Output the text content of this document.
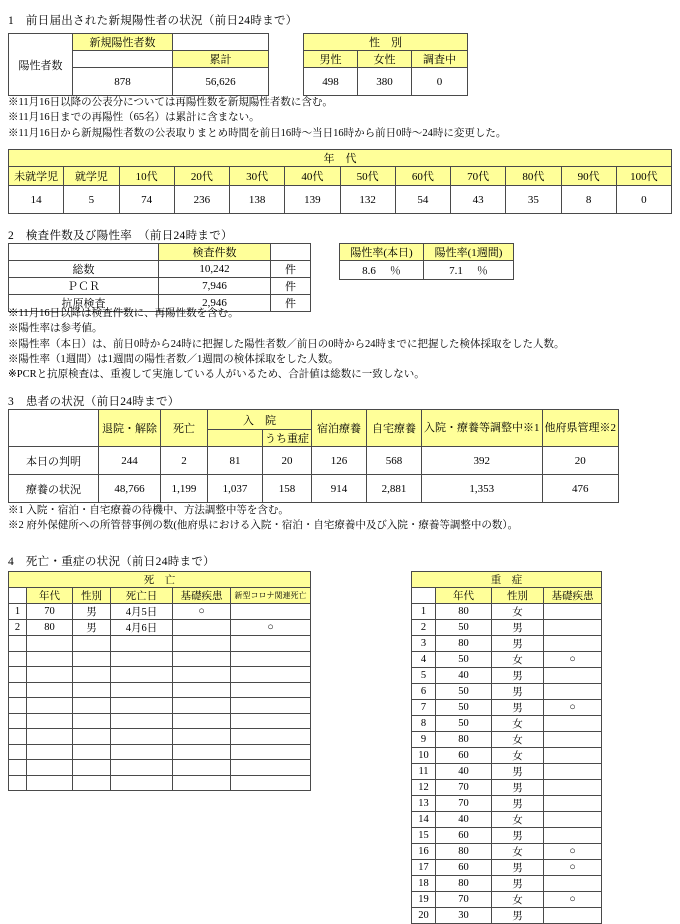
1　前日届出された新規陽性者の状況（前日24時まで）
陽性者数	新規陽性者数	
		累計
	878	56,626
性　別		
男性	女性	調査中
498	380	0
※11月16日以降の公表分については再陽性数を新規陽性者数に含む。
※11月16日までの再陽性（65名）は累計に含まない。
※11月16日から新規陽性者数の公表取りまとめ時間を前日16時～当日16時から前日0時～24時に変更した。
年　代											
未就学児	就学児	10代	20代	30代	40代	50代	60代	70代	80代	90代	100代
14	5	74	236	138	139	132	54	43	35	8	0
2　検査件数及び陽性率　（前日24時まで）
	検査件数	
総数	10,242	件
ＰＣＲ	7,946	件
抗原検査	2,946	件
陽性率(本日)	陽性率(1週間)
8.6 ％	7.1 ％
※11月16日以降は検査件数に、再陽性数を含む。
※陽性率は参考値。
※陽性率（本日）は、前日0時から24時に把握した陽性者数／前日の0時から24時までに把握した検体採取をした人数。
※陽性率（1週間）は1週間の陽性者数／1週間の検体採取をした人数。
※PCRと抗原検査は、重複して実施している人がいるため、合計値は総数に一致しない。
3　患者の状況（前日24時まで）
	退院・解除	死亡	入　院		宿泊療養	自宅療養	入院・療養等調整中※1	他府県管理※2
				うち重症				
本日の判明	244	2	81	20	126	568	392	20
療養の状況	48,766	1,199	1,037	158	914	2,881	1,353	476
※1 入院・宿泊・自宅療養の待機中、方法調整中等を含む。
※2 府外保健所への所管替事例の数(他府県における入院・宿泊・自宅療養中及び入院・療養等調整中の数）。
4　死亡・重症の状況（前日24時まで）
死　亡					
	年代	性別	死亡日	基礎疾患	新型コロナ関連死亡
1	70	男	4月5日	○	
2	80	男	4月6日		○

重　症			
	年代	性別	基礎疾患
1	80	女	
2	50	男	
3	80	男	
4	50	女	○
5	40	男	
6	50	男	
7	50	男	○
8	50	女	
9	80	女	
10	60	女	
11	40	男	
12	70	男	
13	70	男	
14	40	女	
15	60	男	
16	80	女	○
17	60	男	○
18	80	男	
19	70	女	○
20	30	男	
